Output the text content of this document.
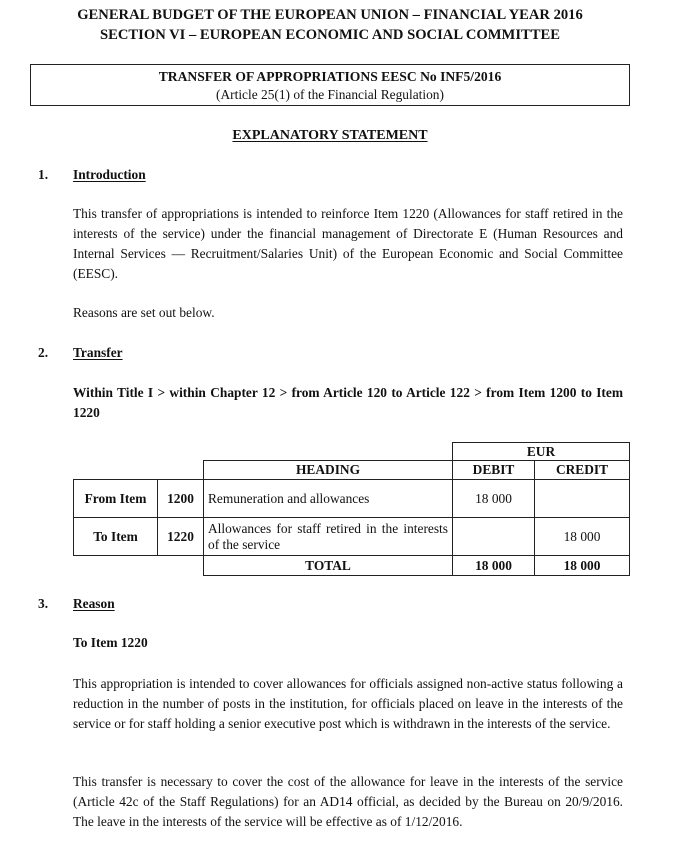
GENERAL BUDGET OF THE EUROPEAN UNION – FINANCIAL YEAR 2016
SECTION VI – EUROPEAN ECONOMIC AND SOCIAL COMMITTEE
TRANSFER OF APPROPRIATIONS EESC No INF5/2016
(Article 25(1) of the Financial Regulation)
EXPLANATORY STATEMENT
1. Introduction

This transfer of appropriations is intended to reinforce Item 1220 (Allowances for staff retired in the interests of the service) under the financial management of Directorate E (Human Resources and Internal Services — Recruitment/Salaries Unit) of the European Economic and Social Committee (EESC).

Reasons are set out below.

2. Transfer

Within Title I > within Chapter 12 > from Article 120 to Article 122 > from Item 1200 to Item 1220

			EUR	
		HEADING	DEBIT	CREDIT
From Item	1200	Remuneration and allowances	18 000	
To Item	1220	Allowances for staff retired in the interests of the service		18 000
		TOTAL	18 000	18 000
3. Reason
To Item 1220

This appropriation is intended to cover allowances for officials assigned non-active status following a reduction in the number of posts in the institution, for officials placed on leave in the interests of the service or for staff holding a senior executive post which is withdrawn in the interests of the service.

This transfer is necessary to cover the cost of the allowance for leave in the interests of the service (Article 42c of the Staff Regulations) for an AD14 official, as decided by the Bureau on 20/9/2016. The leave in the interests of the service will be effective as of 1/12/2016.
